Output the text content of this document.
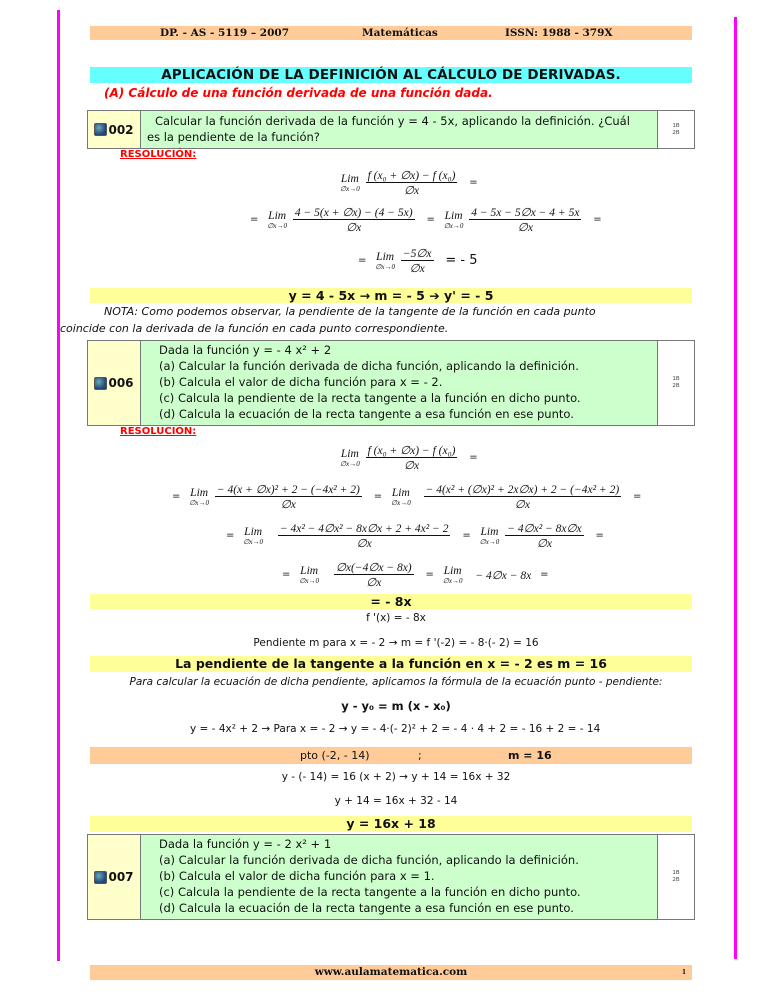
DP. - AS - 5119 – 2007	Matemáticas	ISSN: 1988 - 379X
APLICACIÓN DE LA DEFINICIÓN AL CÁLCULO DE DERIVADAS.
(A) Cálculo de una función derivada de una función dada.
002
Calcular la función derivada de la función y = 4 - 5x, aplicando la definición. ¿Cuál
es la pendiente de la función?
1B
2B
RESOLUCIÓN:
Lim
∅x→0
$\frac{\text{f (x₀ + ∅x) − f (x₀)}}{\emptyset x}$ =
= Lim
∅x→0
$\frac{4 - 5(x + \emptyset x) - (4 - 5x)}{\emptyset x}$ = Lim
∅x→0
$\frac{4 - 5x - 5\emptyset x - 4 + 5x}{\emptyset x}$ =
= Lim
∅x→0
$\frac{-5\emptyset x}{\emptyset x}$ = - 5
y = 4 - 5x → m = - 5 ➔ y' = - 5
NOTA: Como podemos observar, la pendiente de la tangente de la función en cada punto
coincide con la derivada de la función en cada punto correspondiente.
006
Dada la función y = - 4 x² + 2
(a) Calcular la función derivada de dicha función, aplicando la definición.
(b) Calcula el valor de dicha función para x = - 2.
(c) Calcula la pendiente de la recta tangente a la función en dicho punto.
(d) Calcula la ecuación de la recta tangente a esa función en ese punto.
1B
2B
RESOLUCIÓN:
Lim
∅x→0
$\frac{\text{f (x₀ + ∅x) − f (x₀)}}{\emptyset x}$ =
= Lim
∅x→0
$\frac{\text{− 4(x + ∅x)² + 2 − (−4x² + 2)}}{\emptyset x}$ = Lim
∅x→0
$\frac{\text{− 4(x² + (∅x)² + 2x∅x) + 2 − (−4x² + 2)}}{\emptyset x}$ =
= Lim
∅x→0
$\frac{\text{− 4x² − 4∅x² − 8x∅x + 2 + 4x² − 2}}{\emptyset x}$ = Lim
∅x→0
$\frac{\text{− 4∅x² − 8x∅x}}{\emptyset x}$ =
= Lim
∅x→0
$\frac{\emptyset x(-4\emptyset x - 8x)}{\emptyset x}$ = Lim
∅x→0 − 4∅x − 8x =
= - 8x
f '(x) = - 8x
Pendiente m para x = - 2 → m = f '(-2) = - 8·(- 2) = 16
La pendiente de la tangente a la función en x = - 2 es m = 16
Para calcular la ecuación de dicha pendiente, aplicamos la fórmula de la ecuación punto - pendiente:
y - y₀ = m (x - x₀)
y = - 4x² + 2 → Para x = - 2 → y = - 4·(- 2)² + 2 = - 4 · 4 + 2 = - 16 + 2 = - 14
pto (-2, - 14)	;	m = 16
y - (- 14) = 16 (x + 2) → y + 14 = 16x + 32
y + 14 = 16x + 32 - 14
y = 16x + 18
007
Dada la función y = - 2 x² + 1
(a) Calcular la función derivada de dicha función, aplicando la definición.
(b) Calcula el valor de dicha función para x = 1.
(c) Calcula la pendiente de la recta tangente a la función en dicho punto.
(d) Calcula la ecuación de la recta tangente a esa función en ese punto.
1B
2B
www.aulamatematica.com	1
